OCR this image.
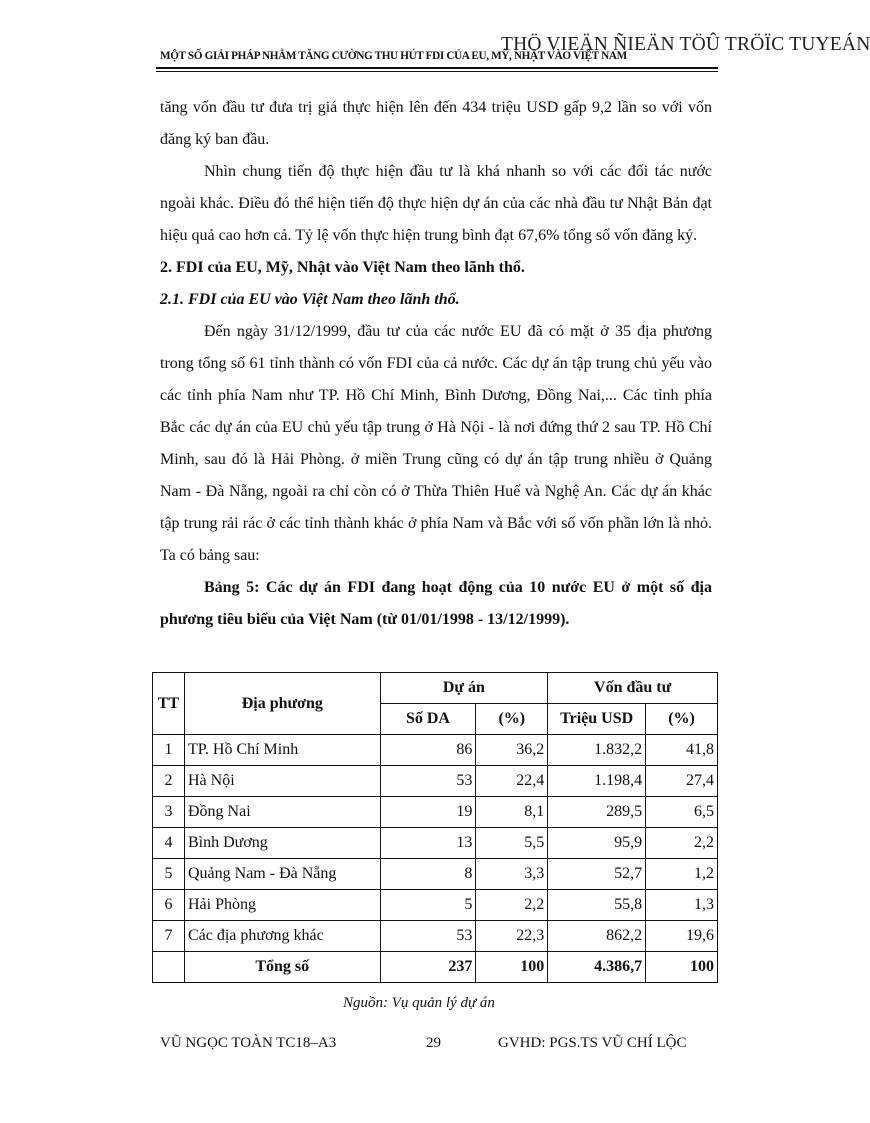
THÖ VIEÄN ÑIEÄN TÖÛ TRÖÏC TUYEÁN
MỘT SỐ GIẢI PHÁP NHẰM TĂNG CƯỜNG THU HÚT FDI CỦA EU, MỸ, NHẬT VÀO VIỆT NAM

tăng vốn đầu tư đưa trị giá thực hiện lên đến 434 triệu USD gấp 9,2 lần so với vốn đăng ký ban đầu.

Nhìn chung tiến độ thực hiện đầu tư là khá nhanh so với các đối tác nước ngoài khác. Điều đó thể hiện tiến độ thực hiện dự án của các nhà đầu tư Nhật Bản đạt hiệu quả cao hơn cả. Tỷ lệ vốn thực hiện trung bình đạt 67,6% tổng số vốn đăng ký.

2. FDI của EU, Mỹ, Nhật vào Việt Nam theo lãnh thổ.

2.1. FDI của EU vào Việt Nam theo lãnh thổ.

Đến ngày 31/12/1999, đầu tư của các nước EU đã có mặt ở 35 địa phương trong tổng số 61 tỉnh thành có vốn FDI của cả nước. Các dự án tập trung chủ yếu vào các tỉnh phía Nam như TP. Hồ Chí Minh, Bình Dương, Đồng Nai,... Các tỉnh phía Bắc các dự án của EU chủ yếu tập trung ở Hà Nội - là nơi đứng thứ 2 sau TP. Hồ Chí Minh, sau đó là Hải Phòng. ở miền Trung cũng có dự án tập trung nhiều ở Quảng Nam - Đà Nẵng, ngoài ra chỉ còn có ở Thừa Thiên Huế và Nghệ An. Các dự án khác tập trung rải rác ở các tỉnh thành khác ở phía Nam và Bắc với số vốn phần lớn là nhỏ. Ta có bảng sau:

Bảng 5: Các dự án FDI đang hoạt động của 10 nước EU ở một số địa phương tiêu biểu của Việt Nam (từ 01/01/1998 - 13/12/1999).

TT	Địa phương	Dự án		Vốn đầu tư	
		Số DA	(%)	Triệu USD	(%)
1	TP. Hồ Chí Minh	86	36,2	1.832,2	41,8
2	Hà Nội	53	22,4	1.198,4	27,4
3	Đồng Nai	19	8,1	289,5	6,5
4	Bình Dương	13	5,5	95,9	2,2
5	Quảng Nam - Đà Nẵng	8	3,3	52,7	1,2
6	Hải Phòng	5	2,2	55,8	1,3
7	Các địa phương khác	53	22,3	862,2	19,6
	Tổng số	237	100	4.386,7	100
Nguồn: Vụ quản lý dự án
VŨ NGỌC TOÀN TC18–A3	29	GVHD: PGS.TS VŨ CHÍ LỘC
